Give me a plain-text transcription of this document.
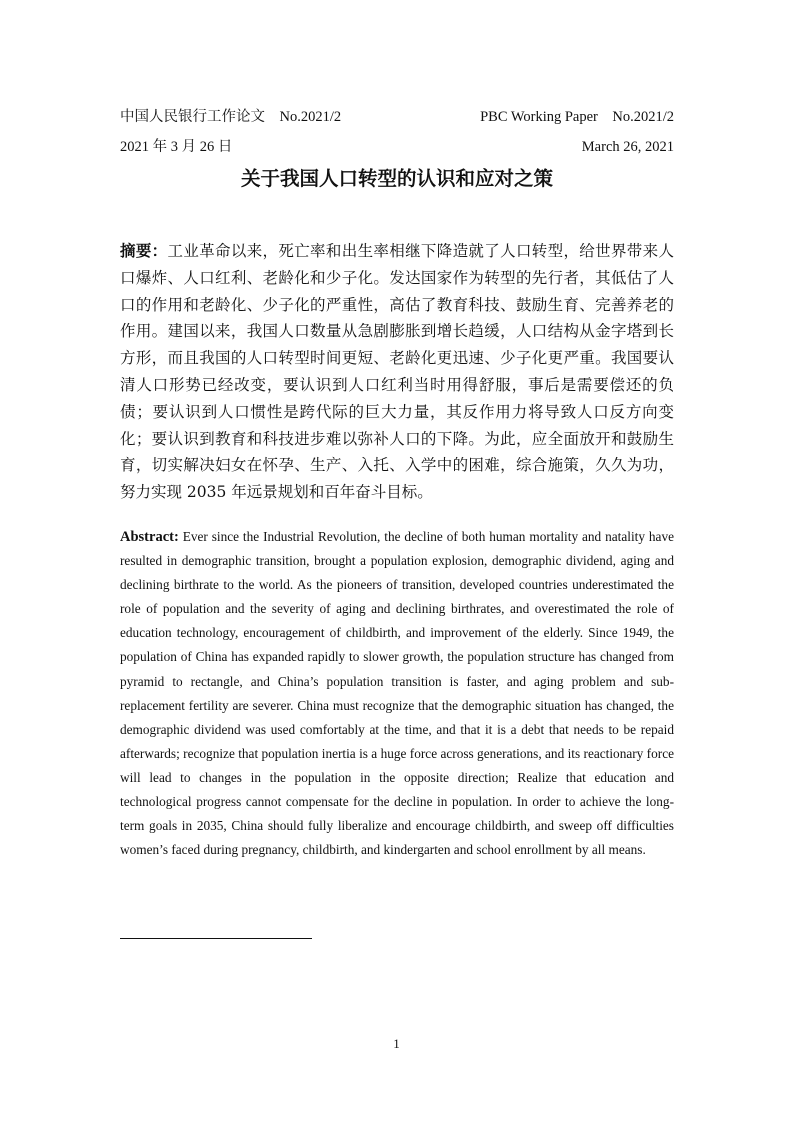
中国人民银行工作论文　No.2021/2	PBC Working Paper　No.2021/2
2021 年 3 月 26 日	March 26, 2021
关于我国人口转型的认识和应对之策

摘要：工业革命以来，死亡率和出生率相继下降造就了人口转型，给世界带来人口爆炸、人口红利、老龄化和少子化。发达国家作为转型的先行者，其低估了人口的作用和老龄化、少子化的严重性，高估了教育科技、鼓励生育、完善养老的作用。建国以来，我国人口数量从急剧膨胀到增长趋缓，人口结构从金字塔到长方形，而且我国的人口转型时间更短、老龄化更迅速、少子化更严重。我国要认清人口形势已经改变，要认识到人口红利当时用得舒服，事后是需要偿还的负债；要认识到人口惯性是跨代际的巨大力量，其反作用力将导致人口反方向变化；要认识到教育和科技进步难以弥补人口的下降。为此，应全面放开和鼓励生育，切实解决妇女在怀孕、生产、入托、入学中的困难，综合施策，久久为功，努力实现 2035 年远景规划和百年奋斗目标。

Abstract: Ever since the Industrial Revolution, the decline of both human mortality and natality have resulted in demographic transition, brought a population explosion, demographic dividend, aging and declining birthrate to the world. As the pioneers of transition, developed countries underestimated the role of population and the severity of aging and declining birthrates, and overestimated the role of education technology, encouragement of childbirth, and improvement of the elderly. Since 1949, the population of China has expanded rapidly to slower growth, the population structure has changed from pyramid to rectangle, and China’s population transition is faster, and aging problem and sub-replacement fertility are severer. China must recognize that the demographic situation has changed, the demographic dividend was used comfortably at the time, and that it is a debt that needs to be repaid afterwards; recognize that population inertia is a huge force across generations, and its reactionary force will lead to changes in the population in the opposite direction; Realize that education and technological progress cannot compensate for the decline in population. In order to achieve the long-term goals in 2035, China should fully liberalize and encourage childbirth, and sweep off difficulties women’s faced during pregnancy, childbirth, and kindergarten and school enrollment by all means.

1
